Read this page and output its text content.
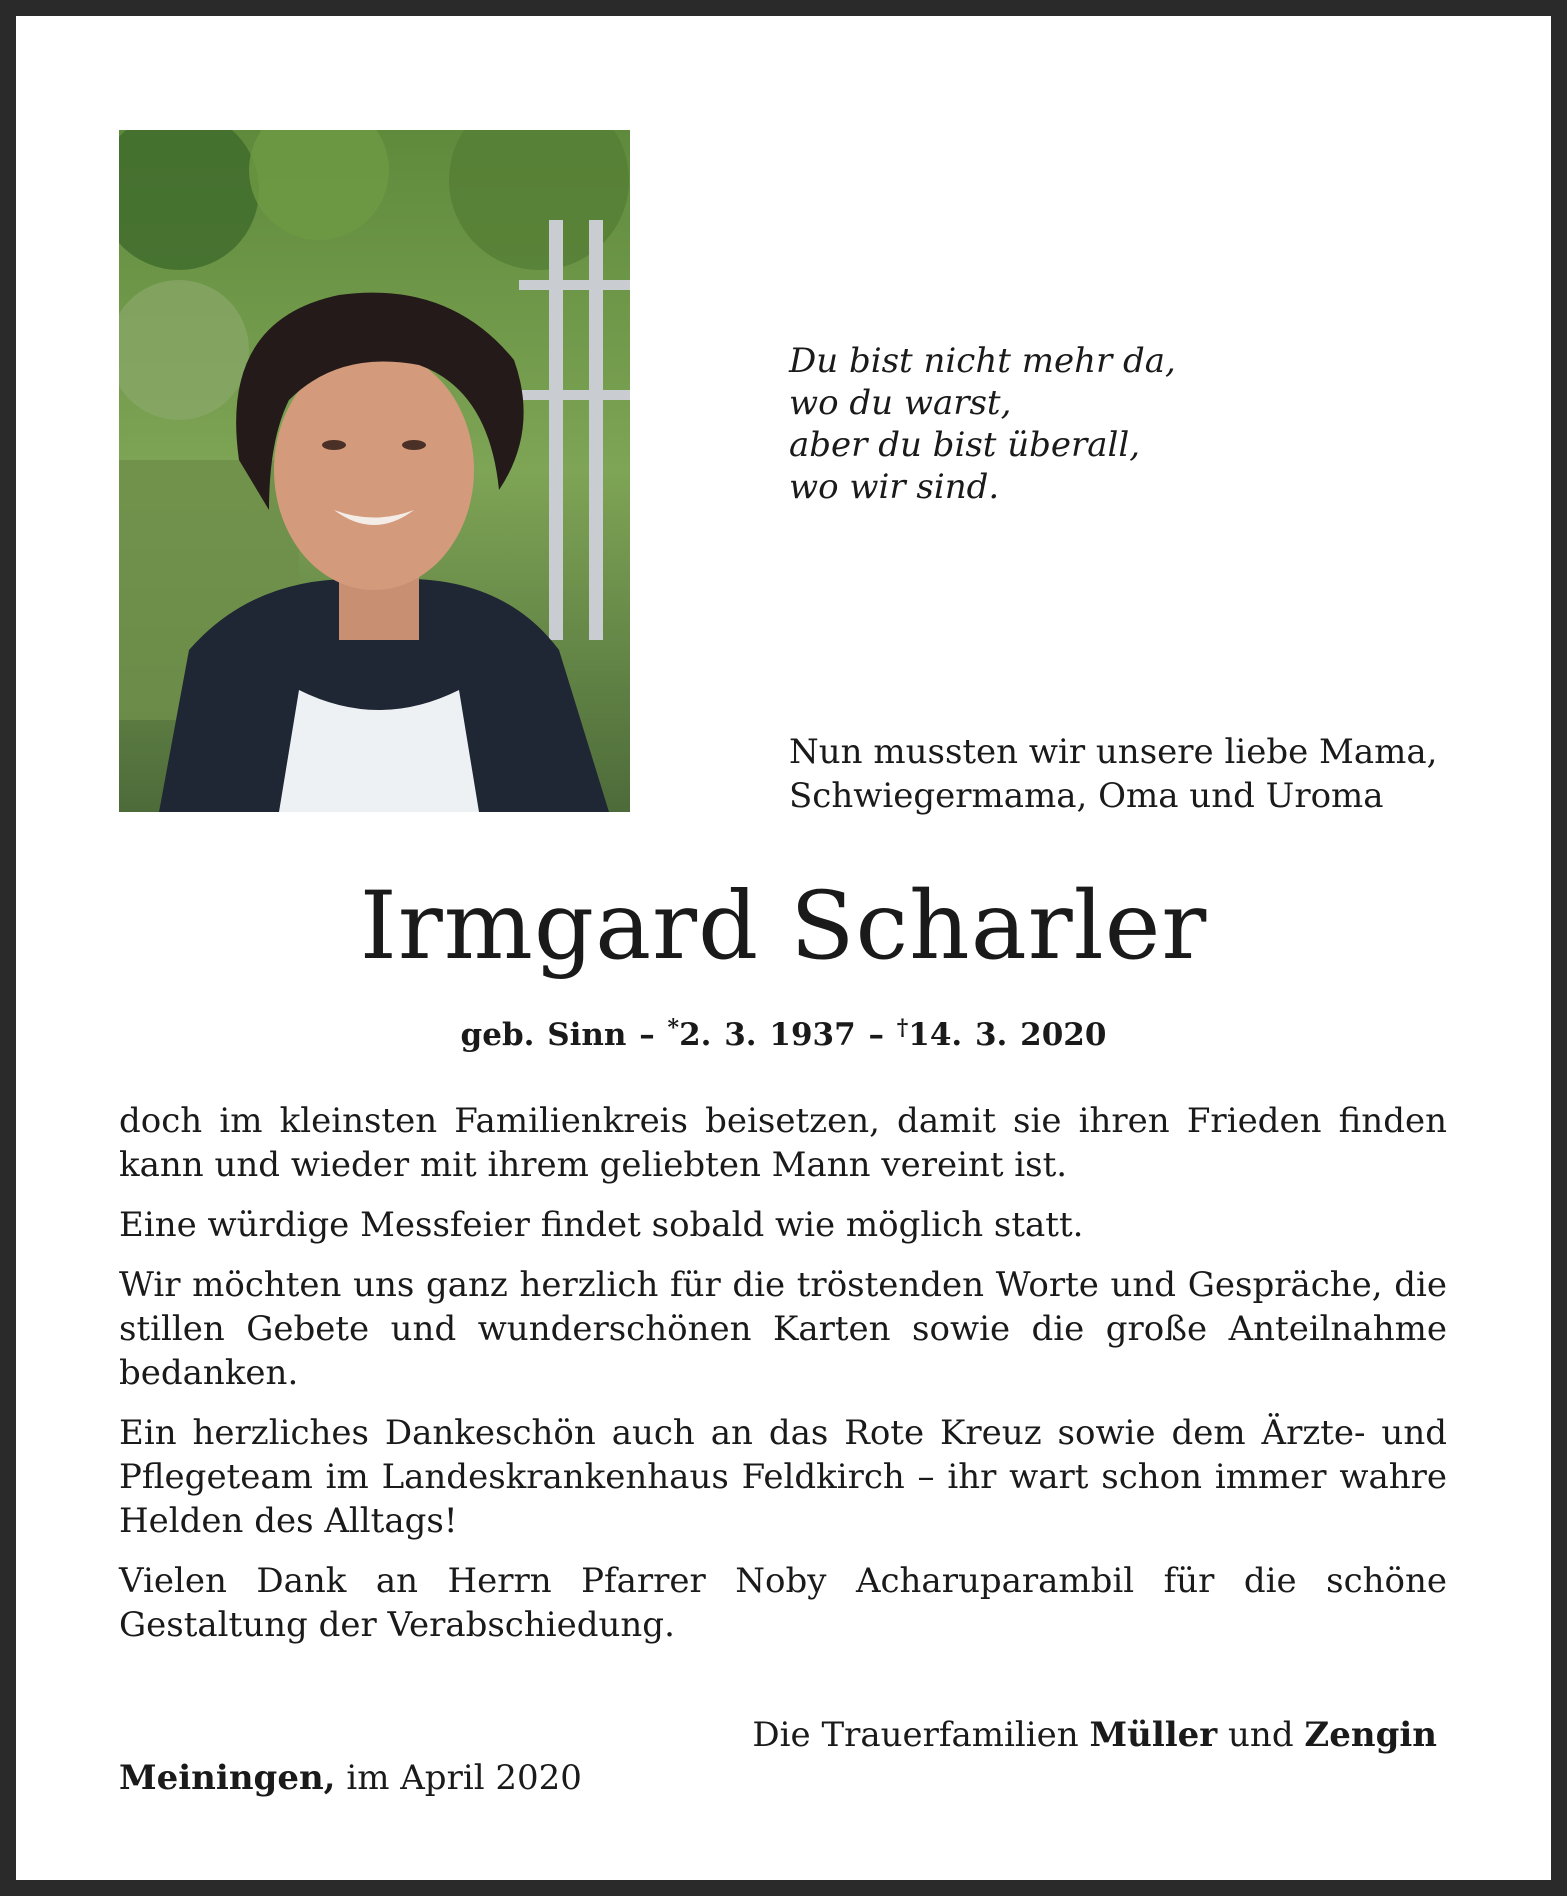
Du bist nicht mehr da,
wo du warst,
aber du bist überall,
wo wir sind.
Nun mussten wir unsere liebe Mama,
Schwiegermama, Oma und Uroma
Irmgard Scharler
geb. Sinn – *2. 3. 1937 – †14. 3. 2020

doch im kleinsten Familienkreis beisetzen, damit sie ihren Frieden finden kann und wieder mit ihrem geliebten Mann vereint ist.

Eine würdige Messfeier findet sobald wie möglich statt.

Wir möchten uns ganz herzlich für die tröstenden Worte und Gespräche, die stillen Gebete und wunderschönen Karten sowie die große Anteilnahme bedanken.

Ein herzliches Dankeschön auch an das Rote Kreuz sowie dem Ärzte- und Pflegeteam im Landeskrankenhaus Feldkirch – ihr wart schon immer wahre Helden des Alltags!

Vielen Dank an Herrn Pfarrer Noby Acharuparambil für die schöne Gestaltung der Verabschiedung.

Die Trauerfamilien Müller und Zengin
Meiningen, im April 2020
